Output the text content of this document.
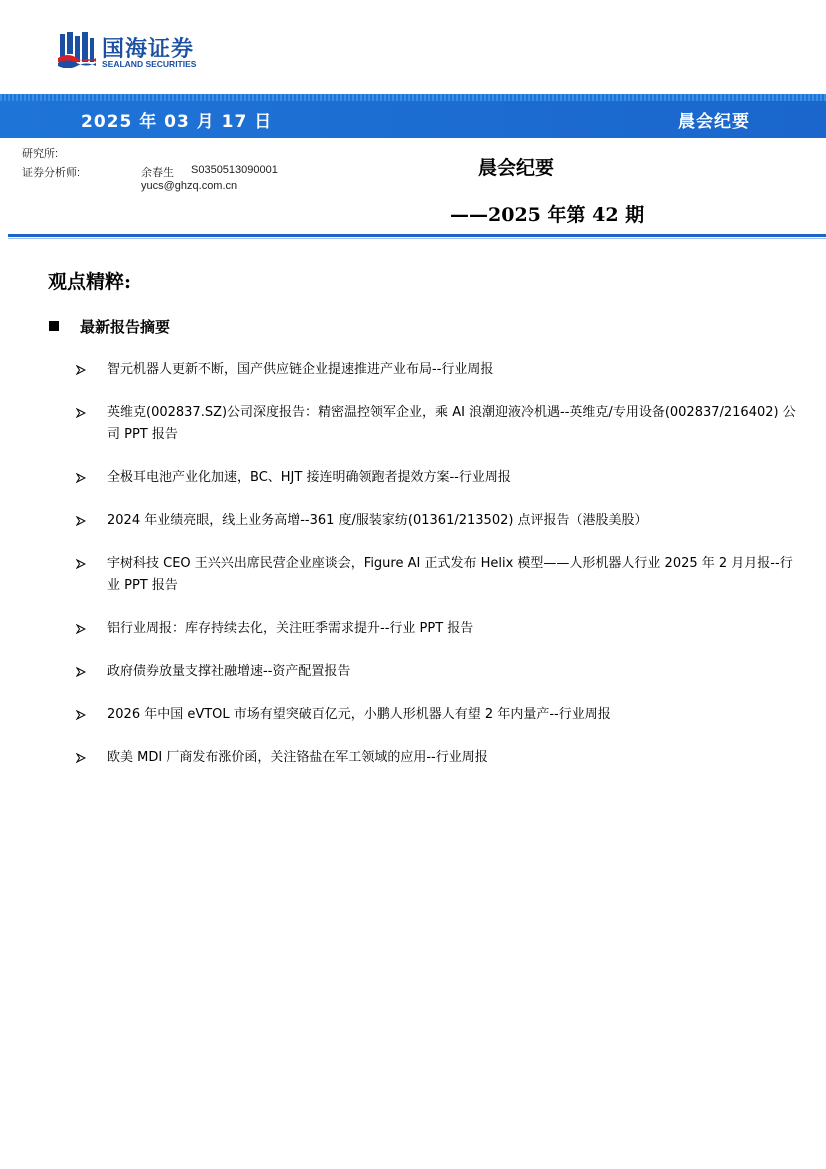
国海证券
SEALAND SECURITIES
2025 年 03 月 17 日	晨会纪要
研究所:
证券分析师:	余春生 S0350513090001
yucs@ghzq.com.cn
晨会纪要
——2025 年第 42 期
观点精粹:
最新报告摘要
智元机器人更新不断，国产供应链企业提速推进产业布局--行业周报
英维克(002837.SZ)公司深度报告：精密温控领军企业，乘 AI 浪潮迎液冷机遇--英维克/专用设备(002837/216402) 公司 PPT 报告
全极耳电池产业化加速，BC、HJT 接连明确领跑者提效方案--行业周报
2024 年业绩亮眼，线上业务高增--361 度/服装家纺(01361/213502) 点评报告（港股美股）
宇树科技 CEO 王兴兴出席民营企业座谈会，Figure AI 正式发布 Helix 模型——人形机器人行业 2025 年 2 月月报--行业 PPT 报告
铝行业周报：库存持续去化，关注旺季需求提升--行业 PPT 报告
政府债券放量支撑社融增速--资产配置报告
2026 年中国 eVTOL 市场有望突破百亿元，小鹏人形机器人有望 2 年内量产--行业周报
欧美 MDI 厂商发布涨价函，关注铬盐在军工领域的应用--行业周报
